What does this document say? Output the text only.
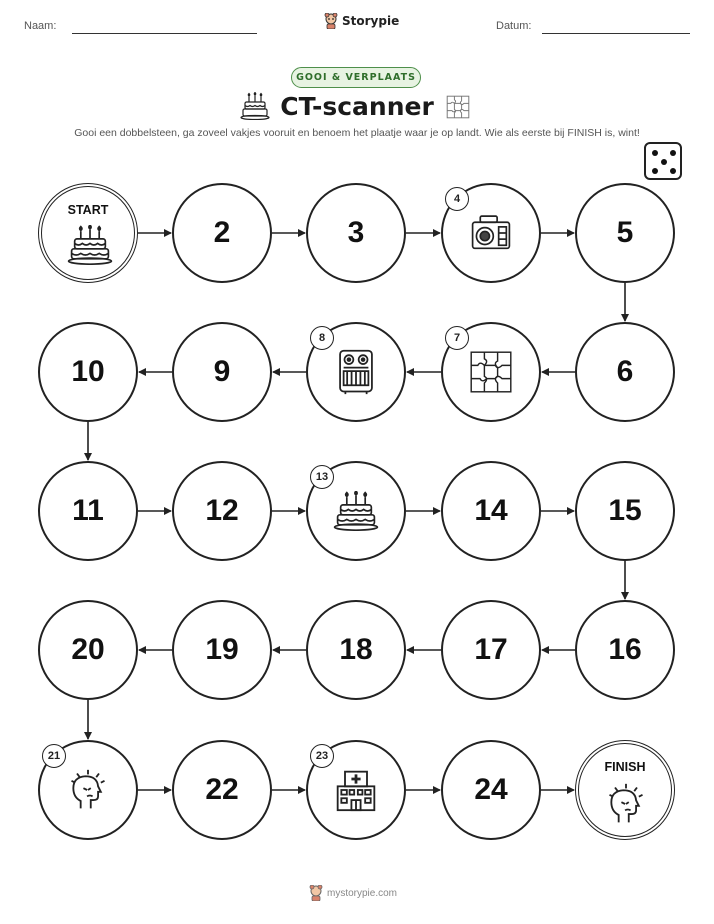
Naam:	Storypie	Datum:
GOOI & VERPLAATS
CT-scanner
Gooi een dobbelsteen, ga zoveel vakjes vooruit en benoem het plaatje waar je op landt. Wie als eerste bij FINISH is, wint!
START
2	3
4
5
6
7
8
9
10
11	12
13
14	15
16
17
18
19
20
21
22
23
24
FINISH
mystorypie.com
